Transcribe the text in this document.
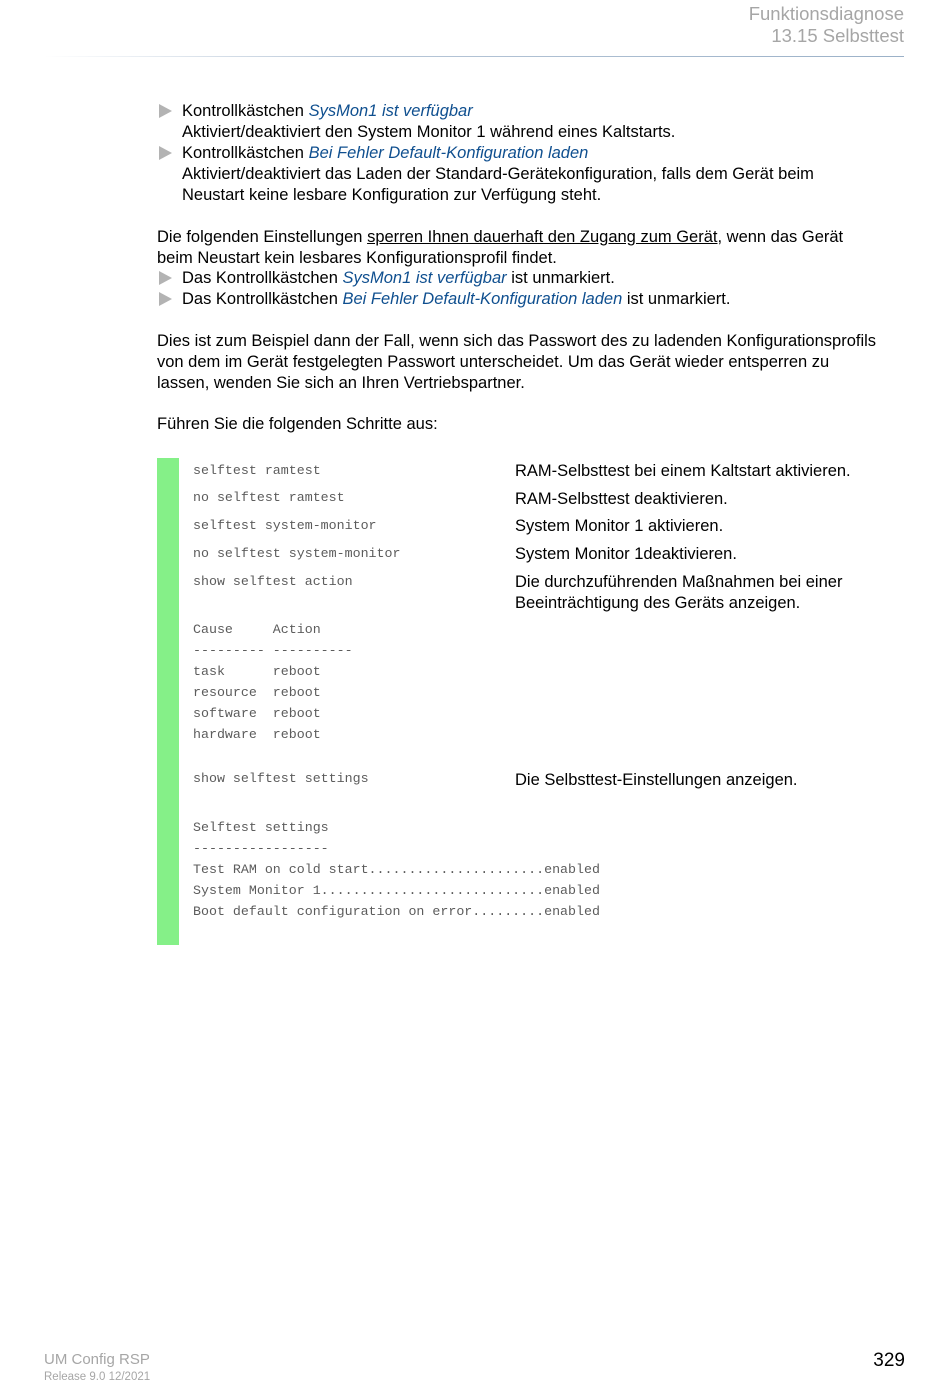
Funktionsdiagnose
13.15 Selbsttest
Kontrollkästchen SysMon1 ist verfügbar
Aktiviert/deaktiviert den System Monitor 1 während eines Kaltstarts.
Kontrollkästchen Bei Fehler Default-Konfiguration laden
Aktiviert/deaktiviert das Laden der Standard-Gerätekonfiguration, falls dem Gerät beim
Neustart keine lesbare Konfiguration zur Verfügung steht.
Die folgenden Einstellungen sperren Ihnen dauerhaft den Zugang zum Gerät, wenn das Gerät
beim Neustart kein lesbares Konfigurationsprofil findet.
Das Kontrollkästchen SysMon1 ist verfügbar ist unmarkiert.
Das Kontrollkästchen Bei Fehler Default-Konfiguration laden ist unmarkiert.
Dies ist zum Beispiel dann der Fall, wenn sich das Passwort des zu ladenden Konfigurationsprofils
von dem im Gerät festgelegten Passwort unterscheidet. Um das Gerät wieder entsperren zu
lassen, wenden Sie sich an Ihren Vertriebspartner.
Führen Sie die folgenden Schritte aus:
selftest ramtest	RAM-Selbsttest bei einem Kaltstart aktivieren.
no selftest ramtest	RAM-Selbsttest deaktivieren.
selftest system-monitor	System Monitor 1 aktivieren.
no selftest system-monitor	System Monitor 1deaktivieren.
show selftest action	Die durchzuführenden Maßnahmen bei einer
Beeinträchtigung des Geräts anzeigen.
Cause     Action
--------- ----------
task      reboot
resource  reboot
software  reboot
hardware  reboot
show selftest settings	Die Selbsttest-Einstellungen anzeigen.
Selftest settings
-----------------
Test RAM on cold start......................enabled
System Monitor 1............................enabled
Boot default configuration on error.........enabled
UM Config RSP
Release 9.0 12/2021
329
